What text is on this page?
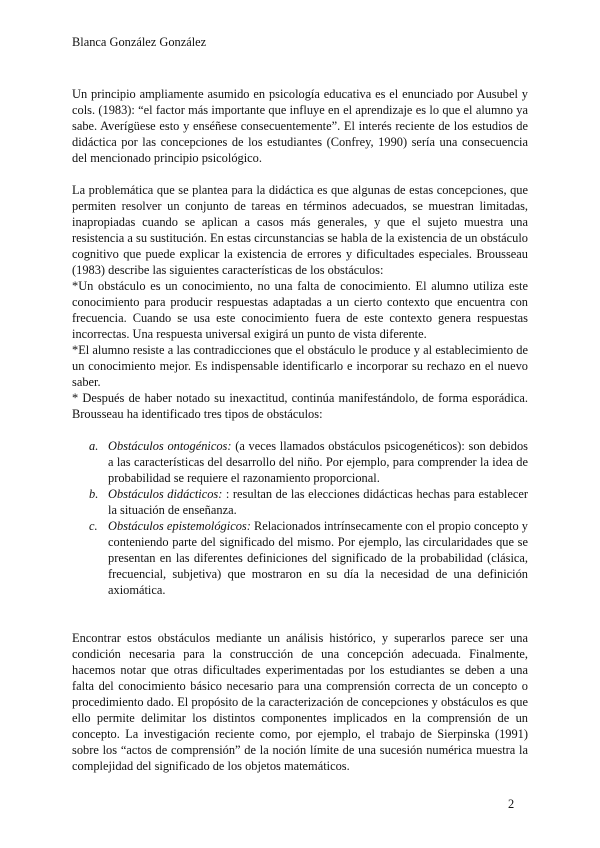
Blanca González González

Un principio ampliamente asumido en psicología educativa es el enunciado por Ausubel y cols. (1983): “el factor más importante que influye en el aprendizaje es lo que el alumno ya sabe. Averígüese esto y enséñese consecuentemente”. El interés reciente de los estudios de didáctica por las concepciones de los estudiantes (Confrey, 1990) sería una consecuencia del mencionado principio psicológico.

La problemática que se plantea para la didáctica es que algunas de estas concepciones, que permiten resolver un conjunto de tareas en términos adecuados, se muestran limitadas, inapropiadas cuando se aplican a casos más generales, y que el sujeto muestra una resistencia a su sustitución. En estas circunstancias se habla de la existencia de un obstáculo cognitivo que puede explicar la existencia de errores y dificultades especiales. Brousseau (1983) describe las siguientes características de los obstáculos:

*Un obstáculo es un conocimiento, no una falta de conocimiento. El alumno utiliza este conocimiento para producir respuestas adaptadas a un cierto contexto que encuentra con frecuencia. Cuando se usa este conocimiento fuera de este contexto genera respuestas incorrectas. Una respuesta universal exigirá un punto de vista diferente.

*El alumno resiste a las contradicciones que el obstáculo le produce y al establecimiento de un conocimiento mejor. Es indispensable identificarlo e incorporar su rechazo en el nuevo saber.

* Después de haber notado su inexactitud, continúa manifestándolo, de forma esporádica. Brousseau ha identificado tres tipos de obstáculos:

a. Obstáculos ontogénicos: (a veces llamados obstáculos psicogenéticos): son debidos a las características del desarrollo del niño. Por ejemplo, para comprender la idea de probabilidad se requiere el razonamiento proporcional.
b. Obstáculos didácticos: : resultan de las elecciones didácticas hechas para establecer la situación de enseñanza.
c. Obstáculos epistemológicos: Relacionados intrínsecamente con el propio concepto y conteniendo parte del significado del mismo. Por ejemplo, las circularidades que se presentan en las diferentes definiciones del significado de la probabilidad (clásica, frecuencial, subjetiva) que mostraron en su día la necesidad de una definición axiomática.

Encontrar estos obstáculos mediante un análisis histórico, y superarlos parece ser una condición necesaria para la construcción de una concepción adecuada. Finalmente, hacemos notar que otras dificultades experimentadas por los estudiantes se deben a una falta del conocimiento básico necesario para una comprensión correcta de un concepto o procedimiento dado. El propósito de la caracterización de concepciones y obstáculos es que ello permite delimitar los distintos componentes implicados en la comprensión de un concepto. La investigación reciente como, por ejemplo, el trabajo de Sierpinska (1991) sobre los “actos de comprensión” de la noción límite de una sucesión numérica muestra la complejidad del significado de los objetos matemáticos.

2
